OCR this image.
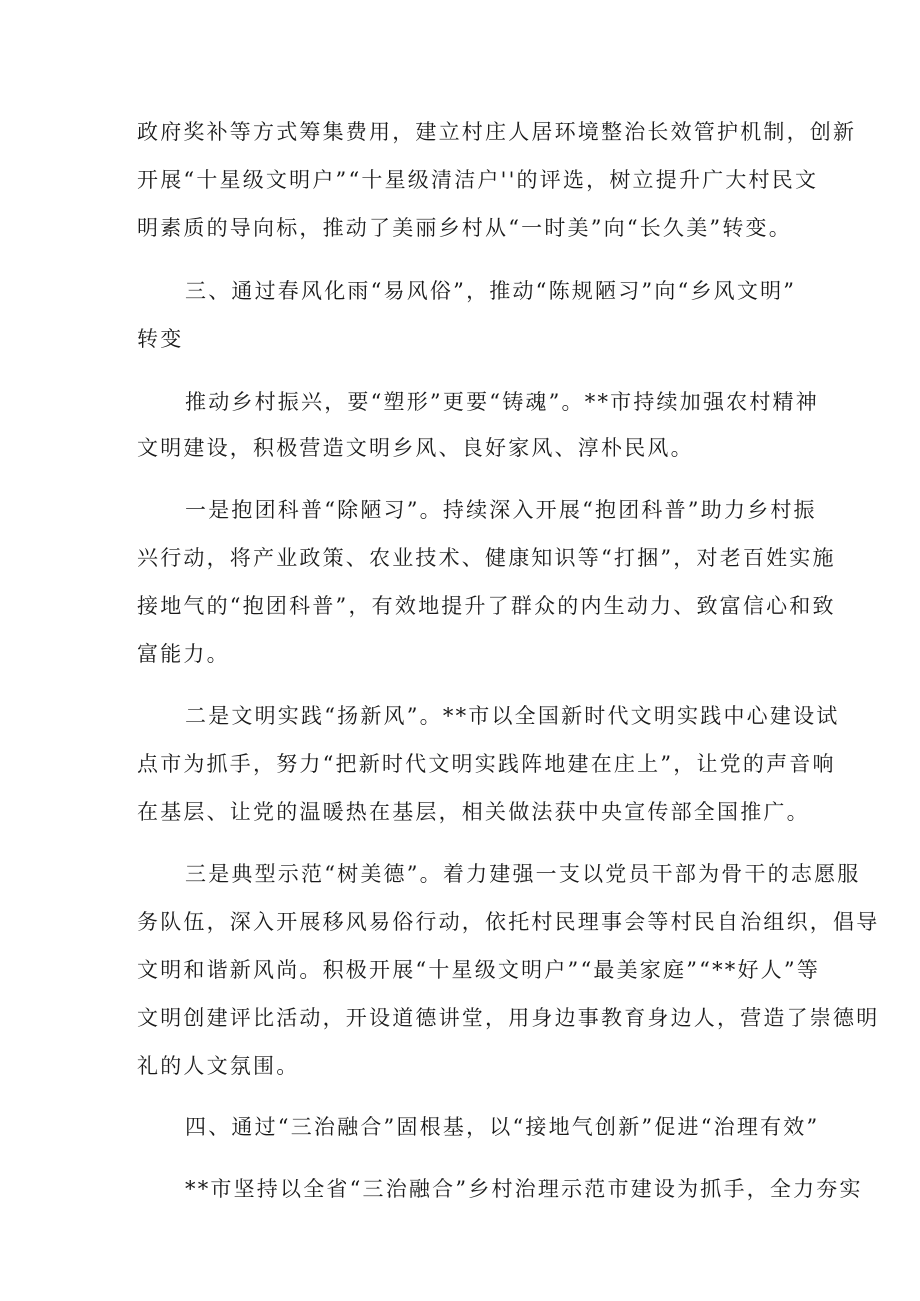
政府奖补等方式筹集费用，建立村庄人居环境整治长效管护机制，创新
开展“十星级文明户”“十星级清洁户''的评选，树立提升广大村民文
明素质的导向标，推动了美丽乡村从“一时美”向“长久美”转变。
三、通过春风化雨“易风俗”，推动“陈规陋习”向“乡风文明”
转变
推动乡村振兴，要“塑形”更要“铸魂”。**市持续加强农村精神
文明建设，积极营造文明乡风、良好家风、淳朴民风。
一是抱团科普“除陋习”。持续深入开展“抱团科普”助力乡村振
兴行动，将产业政策、农业技术、健康知识等“打捆”，对老百姓实施
接地气的“抱团科普”，有效地提升了群众的内生动力、致富信心和致
富能力。
二是文明实践“扬新风”。**市以全国新时代文明实践中心建设试
点市为抓手，努力“把新时代文明实践阵地建在庄上”，让党的声音响
在基层、让党的温暖热在基层，相关做法获中央宣传部全国推广。
三是典型示范“树美德”。着力建强一支以党员干部为骨干的志愿服
务队伍，深入开展移风易俗行动，依托村民理事会等村民自治组织，倡导
文明和谐新风尚。积极开展“十星级文明户”“最美家庭”“**好人”等
文明创建评比活动，开设道德讲堂，用身边事教育身边人，营造了崇德明
礼的人文氛围。
四、通过“三治融合”固根基，以“接地气创新”促进“治理有效”
**市坚持以全省“三治融合”乡村治理示范市建设为抓手，全力夯实
